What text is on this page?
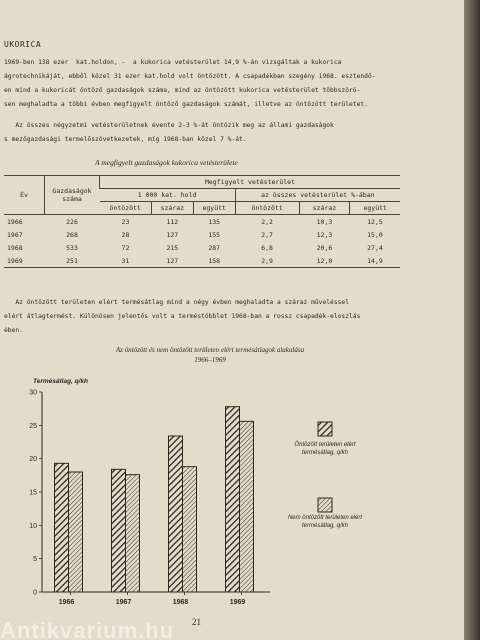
UKORICA
1969-ben 138 ezer  kat.holdon, -  a kukorica vetésterület 14,9 %-án vizsgáltak a kukorica
ágrotechnikáját, ebből közel 31 ezer kat.hold volt öntözött. A csapadékban szegény 1968. esztendő-
en mind a kukoricát öntöző gazdaságok száma, mind az öntözött kukorica vetésterület többszörö-
sen meghaladta a többi évben megfigyelt öntöző gazdaságok számát, illetve az öntözött területet.
Az összes négyzetmi vetésterületnek évente 2-3 %-át öntözik meg az állami gazdaságok
s mezőgazdasági termelőszövetkezetek, míg 1968-ban közel 7 %-át.
A megfigyelt gazdaságok kukorica vetésterülete
Év	Gazdaságok száma	Megfigyelt vetésterület					
		1 000 kat. hold			az összes vetésterület %-ában		
		öntözött	száraz	együtt	öntözött	száraz	együtt
1966	226	23	112	135	2,2	10,3	12,5
1967	268	28	127	155	2,7	12,3	15,0
1968	533	72	215	287	6,8	20,6	27,4
1969	251	31	127	158	2,9	12,0	14,9
Az öntözött területen elért termésátlag mind a négy évben meghaladta a száraz műveléssel
elért átlagtermést. Különösen jelentős volt a terméstöbblet 1968-ban a rossz csapadék-eloszlás
ében.
Az öntözött és nem öntözött területen elért termésátlagok alakulása
1966–1969
Termésátlag, q/kh
0
5
10
15
20
25
30
1966	1967	1968	1969
Öntözött területen elért termésátlag, q/kh
Nem öntözött területen elért termésátlag, q/kh
21
Antikvarium.hu
